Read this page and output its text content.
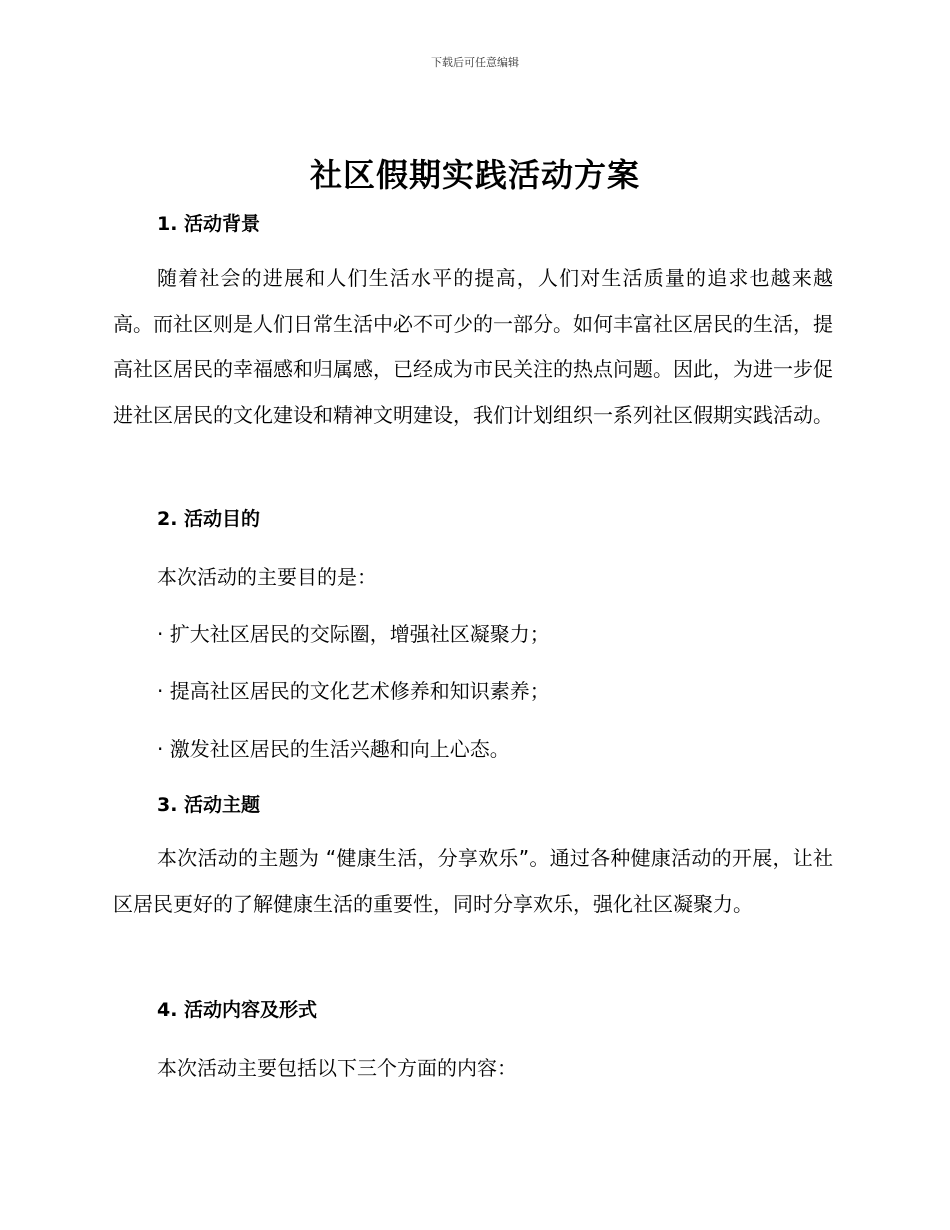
下载后可任意编辑
社区假期实践活动方案
1. 活动背景

随着社会的进展和人们生活水平的提高，人们对生活质量的追求也越来越高。而社区则是人们日常生活中必不可少的一部分。如何丰富社区居民的生活，提高社区居民的幸福感和归属感，已经成为市民关注的热点问题。因此，为进一步促进社区居民的文化建设和精神文明建设，我们计划组织一系列社区假期实践活动。

2. 活动目的

本次活动的主要目的是：

· 扩大社区居民的交际圈，增强社区凝聚力；
· 提高社区居民的文化艺术修养和知识素养；
· 激发社区居民的生活兴趣和向上心态。
3. 活动主题

本次活动的主题为 “健康生活，分享欢乐”。通过各种健康活动的开展，让社区居民更好的了解健康生活的重要性，同时分享欢乐，强化社区凝聚力。

4. 活动内容及形式

本次活动主要包括以下三个方面的内容：
